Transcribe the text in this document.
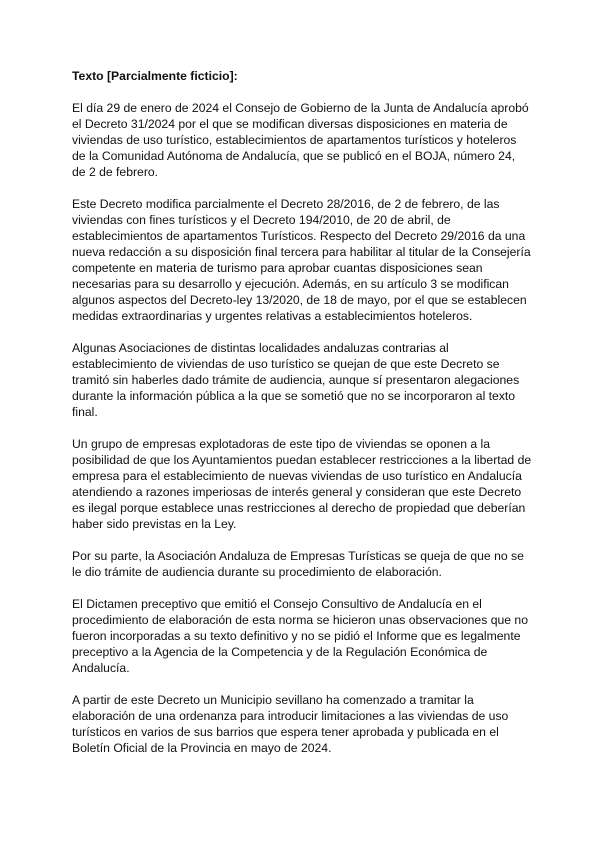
Texto [Parcialmente ficticio]:

El día 29 de enero de 2024 el Consejo de Gobierno de la Junta de Andalucía aprobó el Decreto 31/2024 por el que se modifican diversas disposiciones en materia de viviendas de uso turístico, establecimientos de apartamentos turísticos y hoteleros de la Comunidad Autónoma de Andalucía, que se publicó en el BOJA, número 24, de 2 de febrero.

Este Decreto modifica parcialmente el Decreto 28/2016, de 2 de febrero, de las viviendas con fines turísticos y el Decreto 194/2010, de 20 de abril, de establecimientos de apartamentos Turísticos. Respecto del Decreto 29/2016 da una nueva redacción a su disposición final tercera para habilitar al titular de la Consejería competente en materia de turismo para aprobar cuantas disposiciones sean necesarias para su desarrollo y ejecución. Además, en su artículo 3 se modifican algunos aspectos del Decreto-ley 13/2020, de 18 de mayo, por el que se establecen medidas extraordinarias y urgentes relativas a establecimientos hoteleros.

Algunas Asociaciones de distintas localidades andaluzas contrarias al establecimiento de viviendas de uso turístico se quejan de que este Decreto se tramitó sin haberles dado trámite de audiencia, aunque sí presentaron alegaciones durante la información pública a la que se sometió que no se incorporaron al texto final.

Un grupo de empresas explotadoras de este tipo de viviendas se oponen a la posibilidad de que los Ayuntamientos puedan establecer restricciones a la libertad de empresa para el establecimiento de nuevas viviendas de uso turístico en Andalucía atendiendo a razones imperiosas de interés general y consideran que este Decreto es ilegal porque establece unas restricciones al derecho de propiedad que deberían haber sido previstas en la Ley.

Por su parte, la Asociación Andaluza de Empresas Turísticas se queja de que no se le dio trámite de audiencia durante su procedimiento de elaboración.

El Dictamen preceptivo que emitió el Consejo Consultivo de Andalucía en el procedimiento de elaboración de esta norma se hicieron unas observaciones que no fueron incorporadas a su texto definitivo y no se pidió el Informe que es legalmente preceptivo a la Agencia de la Competencia y de la Regulación Económica de Andalucía.

A partir de este Decreto un Municipio sevillano ha comenzado a tramitar la elaboración de una ordenanza para introducir limitaciones a las viviendas de uso turísticos en varios de sus barrios que espera tener aprobada y publicada en el Boletín Oficial de la Provincia en mayo de 2024.
